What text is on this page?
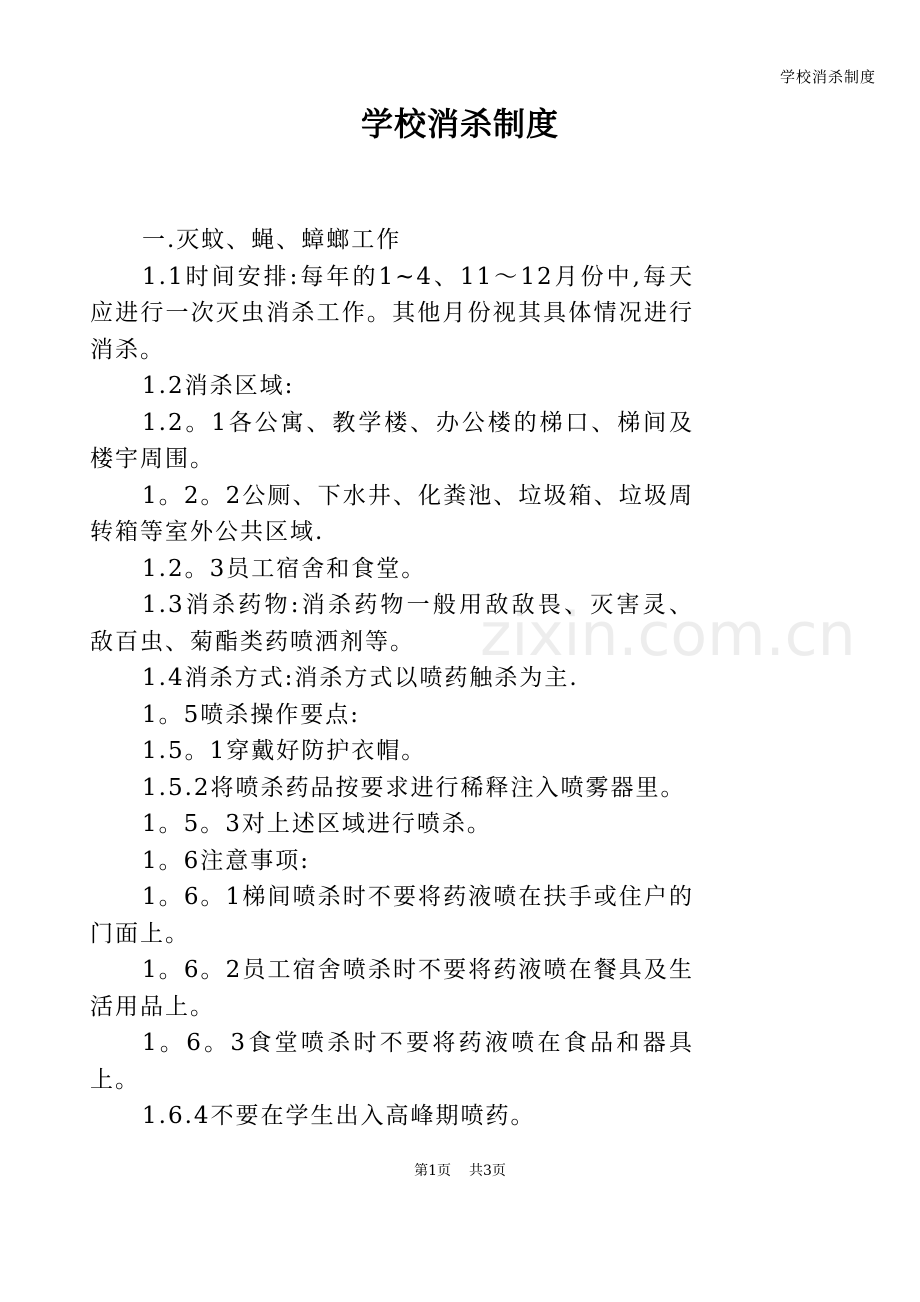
学校消杀制度
学校消杀制度

一.灭蚊、蝇、蟑螂工作

1.1时间安排:每年的1~4、11～12月份中,每天应进行一次灭虫消杀工作。其他月份视其具体情况进行消杀。

1.2消杀区域:

1.2。1各公寓、教学楼、办公楼的梯口、梯间及楼宇周围。

1。2。2公厕、下水井、化粪池、垃圾箱、垃圾周转箱等室外公共区域.

1.2。3员工宿舍和食堂。

1.3消杀药物:消杀药物一般用敌敌畏、灭害灵、敌百虫、菊酯类药喷洒剂等。

1.4消杀方式:消杀方式以喷药触杀为主.

1。5喷杀操作要点:

1.5。1穿戴好防护衣帽。

1.5.2将喷杀药品按要求进行稀释注入喷雾器里。

1。5。3对上述区域进行喷杀。

1。6注意事项:

1。6。1梯间喷杀时不要将药液喷在扶手或住户的门面上。

1。6。2员工宿舍喷杀时不要将药液喷在餐具及生活用品上。

1。6。3食堂喷杀时不要将药液喷在食品和器具上。

1.6.4不要在学生出入高峰期喷药。

zixin.com.cn
第1页 共3页
